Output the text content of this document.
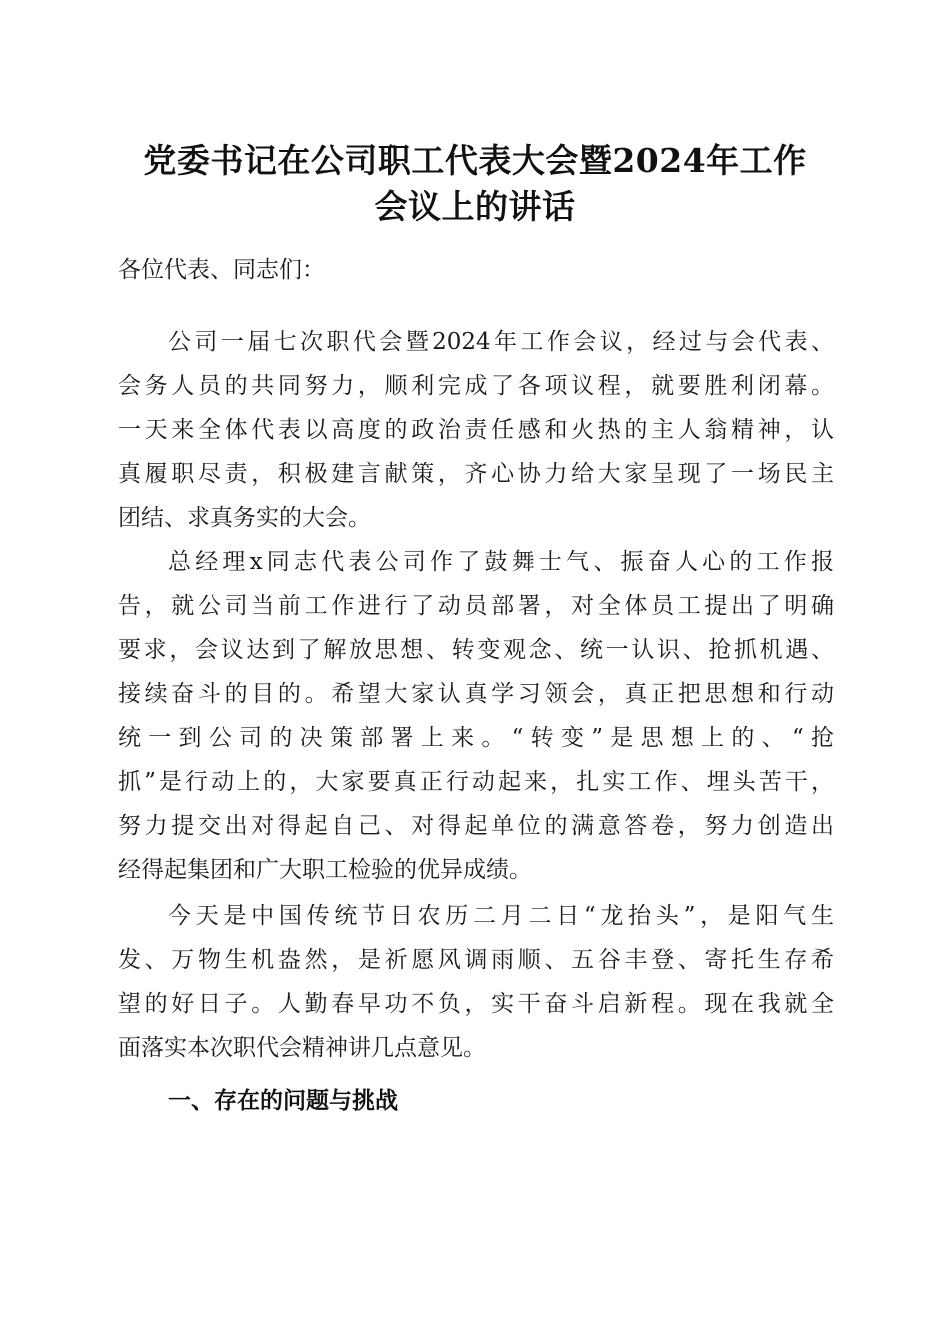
党委书记在公司职工代表大会暨2024年工作
会议上的讲话
各位代表、同志们：
公司一届七次职代会暨2024年工作会议，经过与会代表、
会务人员的共同努力，顺利完成了各项议程，就要胜利闭幕。
一天来全体代表以高度的政治责任感和火热的主人翁精神，认
真履职尽责，积极建言献策，齐心协力给大家呈现了一场民主
团结、求真务实的大会。
总经理x同志代表公司作了鼓舞士气、振奋人心的工作报
告，就公司当前工作进行了动员部署，对全体员工提出了明确
要求，会议达到了解放思想、转变观念、统一认识、抢抓机遇、
接续奋斗的目的。希望大家认真学习领会，真正把思想和行动
统一到公司的决策部署上来。“转变”是思想上的、“抢
抓”是行动上的，大家要真正行动起来，扎实工作、埋头苦干，
努力提交出对得起自己、对得起单位的满意答卷，努力创造出
经得起集团和广大职工检验的优异成绩。
今天是中国传统节日农历二月二日“龙抬头”，是阳气生
发、万物生机盎然，是祈愿风调雨顺、五谷丰登、寄托生存希
望的好日子。人勤春早功不负，实干奋斗启新程。现在我就全
面落实本次职代会精神讲几点意见。
一、存在的问题与挑战
